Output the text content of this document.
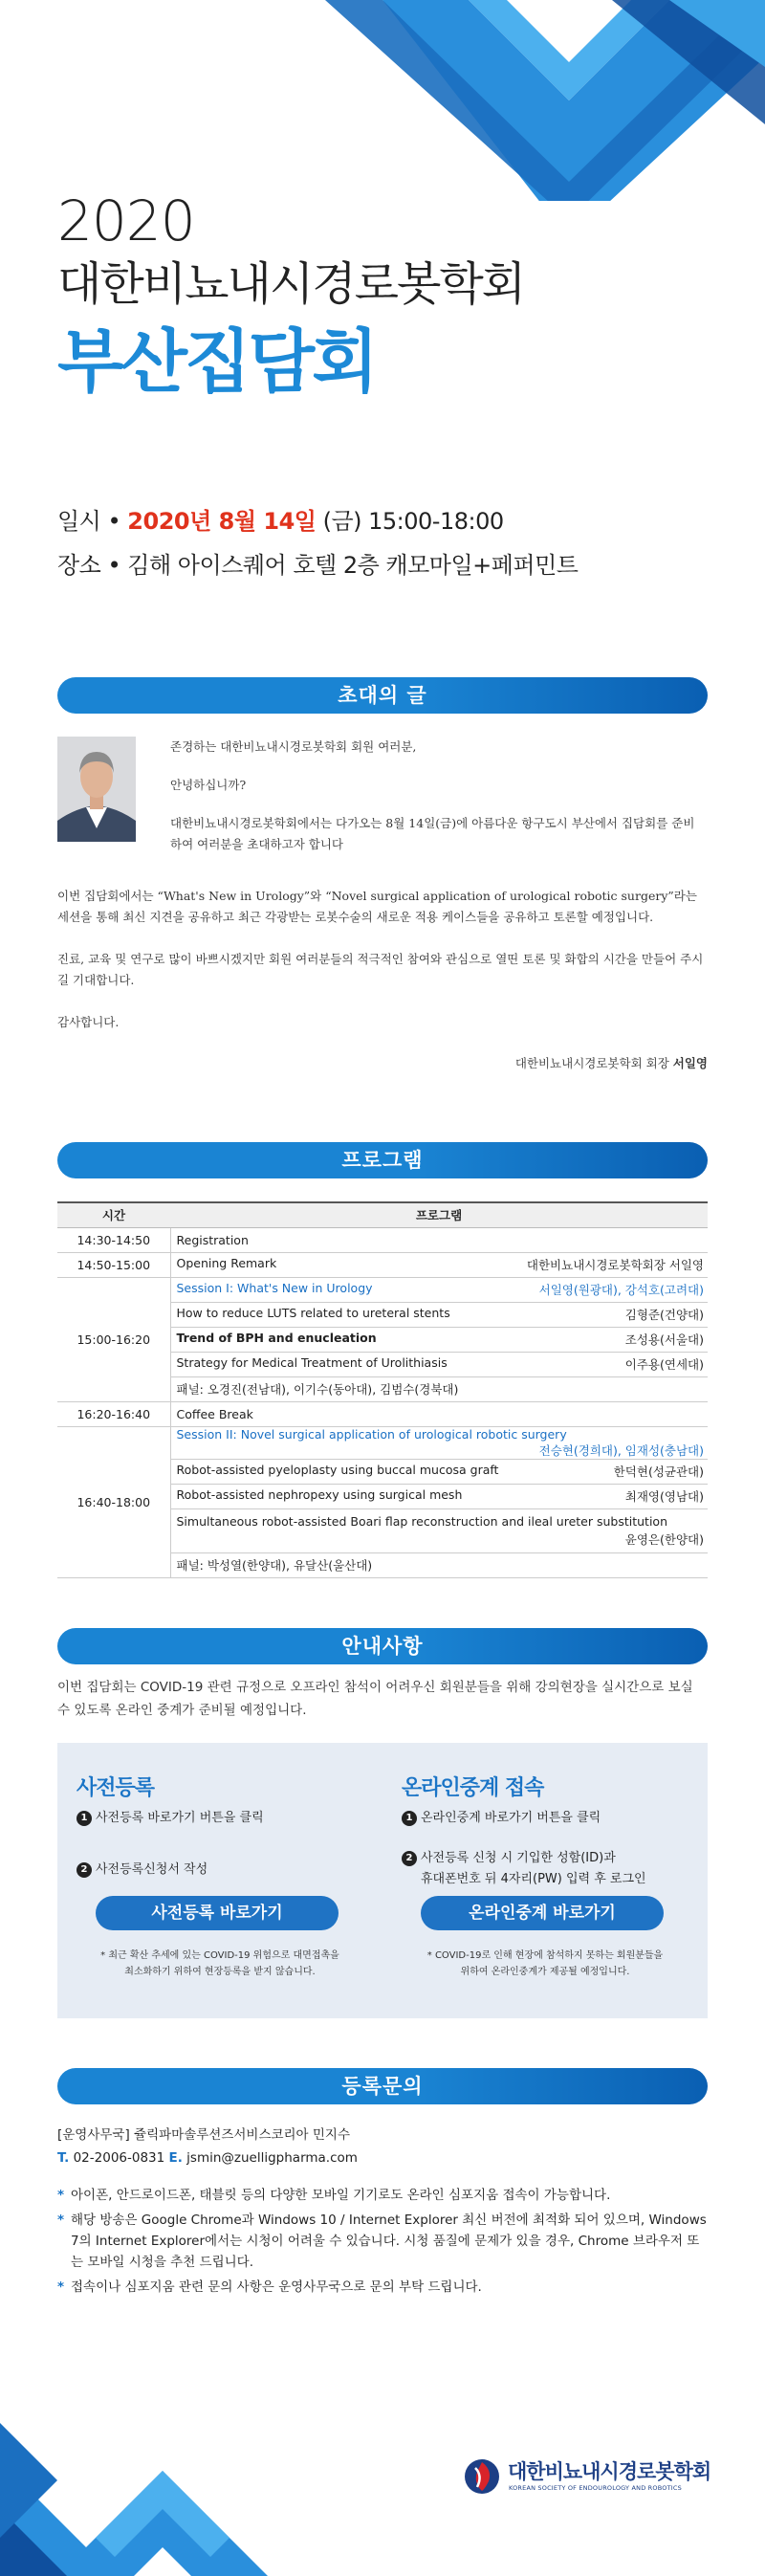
2020
대한비뇨내시경로봇학회
부산집담회
일시 • 2020년 8월 14일 (금) 15:00-18:00
장소 • 김해 아이스퀘어 호텔 2층 캐모마일+페퍼민트
초대의 글

존경하는 대한비뇨내시경로봇학회 회원 여러분,

안녕하십니까?

대한비뇨내시경로봇학회에서는 다가오는 8월 14일(금)에 아름다운 항구도시 부산에서 집담회를 준비하여 여러분을 초대하고자 합니다

이번 집담회에서는 “What's New in Urology”와 “Novel surgical application of urological robotic surgery”라는 세션을 통해 최신 지견을 공유하고 최근 각광받는 로봇수술의 새로운 적용 케이스들을 공유하고 토론할 예정입니다.

진료, 교육 및 연구로 많이 바쁘시겠지만 회원 여러분들의 적극적인 참여와 관심으로 열띤 토론 및 화합의 시간을 만들어 주시길 기대합니다.

감사합니다.

대한비뇨내시경로봇학회 회장 서일영
프로그램
시간	프로그램
14:30-14:50	Registration

14:50-15:00	Opening Remark 대한비뇨내시경로봇학회장 서일영

15:00-16:20	Session I: What's New in Urology 서일영(원광대), 강석호(고려대)

	How to reduce LUTS related to ureteral stents 김형준(건양대)

	Trend of BPH and enucleation 조성용(서울대)

	Strategy for Medical Treatment of Urolithiasis 이주용(연세대)

	패널: 오경진(전남대), 이기수(동아대), 김범수(경북대)

16:20-16:40	Coffee Break

16:40-18:00	Session II: Novel surgical application of urological robotic surgery
전승현(경희대), 임재성(충남대)

	Robot-assisted pyeloplasty using buccal mucosa graft 한덕현(성균관대)

	Robot-assisted nephropexy using surgical mesh 최재영(영남대)

	Simultaneous robot-assisted Boari flap reconstruction and ileal ureter substitution
윤영은(한양대)

	패널: 박성열(한양대), 유달산(울산대)
안내사항
이번 집담회는 COVID-19 관련 규정으로 오프라인 참석이 어려우신 회원분들을 위해 강의현장을 실시간으로 보실 수 있도록 온라인 중계가 준비될 예정입니다.
사전등록
1 사전등록 바로가기 버튼을 클릭
2 사전등록신청서 작성
사전등록 바로가기
* 최근 확산 추세에 있는 COVID-19 위험으로 대면접촉을
최소화하기 위하여 현장등록을 받지 않습니다.
온라인중계 접속
1 온라인중계 바로가기 버튼을 클릭
2 사전등록 신청 시 기입한 성함(ID)과
휴대폰번호 뒤 4자리(PW) 입력 후 로그인
온라인중계 바로가기
* COVID-19로 인해 현장에 참석하지 못하는 회원분들을
위하여 온라인중계가 제공될 예정입니다.
등록문의
[운영사무국] 쥴릭파마솔루션즈서비스코리아 민지수
T. 02-2006-0831 E. jsmin@zuelligpharma.com
* 아이폰, 안드로이드폰, 태블릿 등의 다양한 모바일 기기로도 온라인 심포지움 접속이 가능합니다.
* 해당 방송은 Google Chrome과 Windows 10 / Internet Explorer 최신 버전에 최적화 되어 있으며, Windows 7의 Internet Explorer에서는 시청이 어려울 수 있습니다. 시청 품질에 문제가 있을 경우, Chrome 브라우저 또는 모바일 시청을 추천 드립니다.
* 접속이나 심포지움 관련 문의 사항은 운영사무국으로 문의 부탁 드립니다.
대한비뇨내시경로봇학회
KOREAN SOCIETY OF ENDOUROLOGY AND ROBOTICS
